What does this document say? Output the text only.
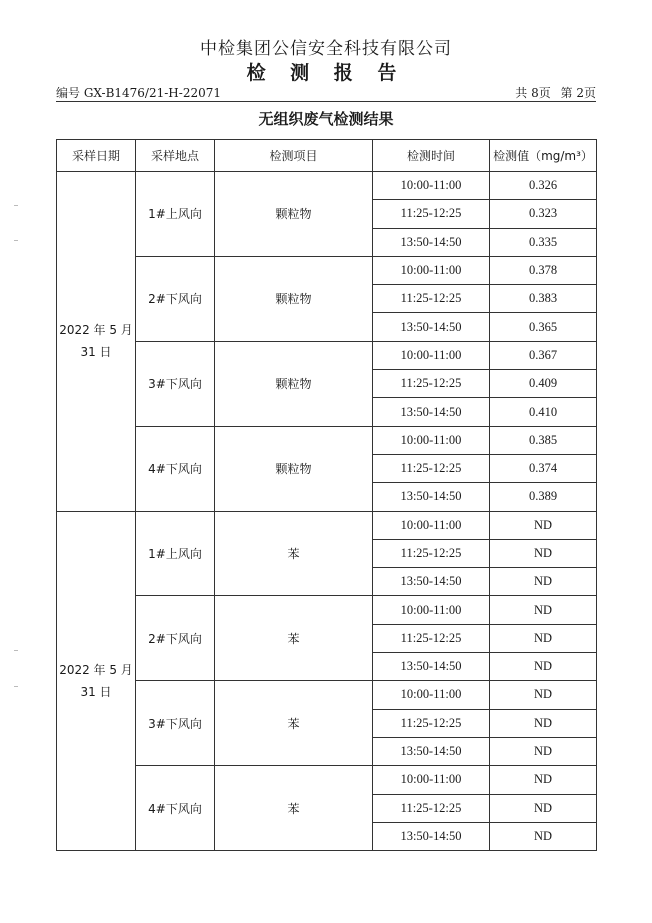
中检集团公信安全科技有限公司
检 测 报 告
编号 GX-B1476/21-H-22071	共 8页 第 2页
无组织废气检测结果
采样日期	采样地点	检测项目	检测时间	检测值（mg/m³）
2022 年 5 月 31 日	1#上风向	颗粒物	10:00-11:00	0.326
			11:25-12:25	0.323
			13:50-14:50	0.335
	2#下风向	颗粒物	10:00-11:00	0.378
			11:25-12:25	0.383
			13:50-14:50	0.365
	3#下风向	颗粒物	10:00-11:00	0.367
			11:25-12:25	0.409
			13:50-14:50	0.410
	4#下风向	颗粒物	10:00-11:00	0.385
			11:25-12:25	0.374
			13:50-14:50	0.389
2022 年 5 月 31 日	1#上风向	苯	10:00-11:00	ND
			11:25-12:25	ND
			13:50-14:50	ND
	2#下风向	苯	10:00-11:00	ND
			11:25-12:25	ND
			13:50-14:50	ND
	3#下风向	苯	10:00-11:00	ND
			11:25-12:25	ND
			13:50-14:50	ND
	4#下风向	苯	10:00-11:00	ND
			11:25-12:25	ND
			13:50-14:50	ND
